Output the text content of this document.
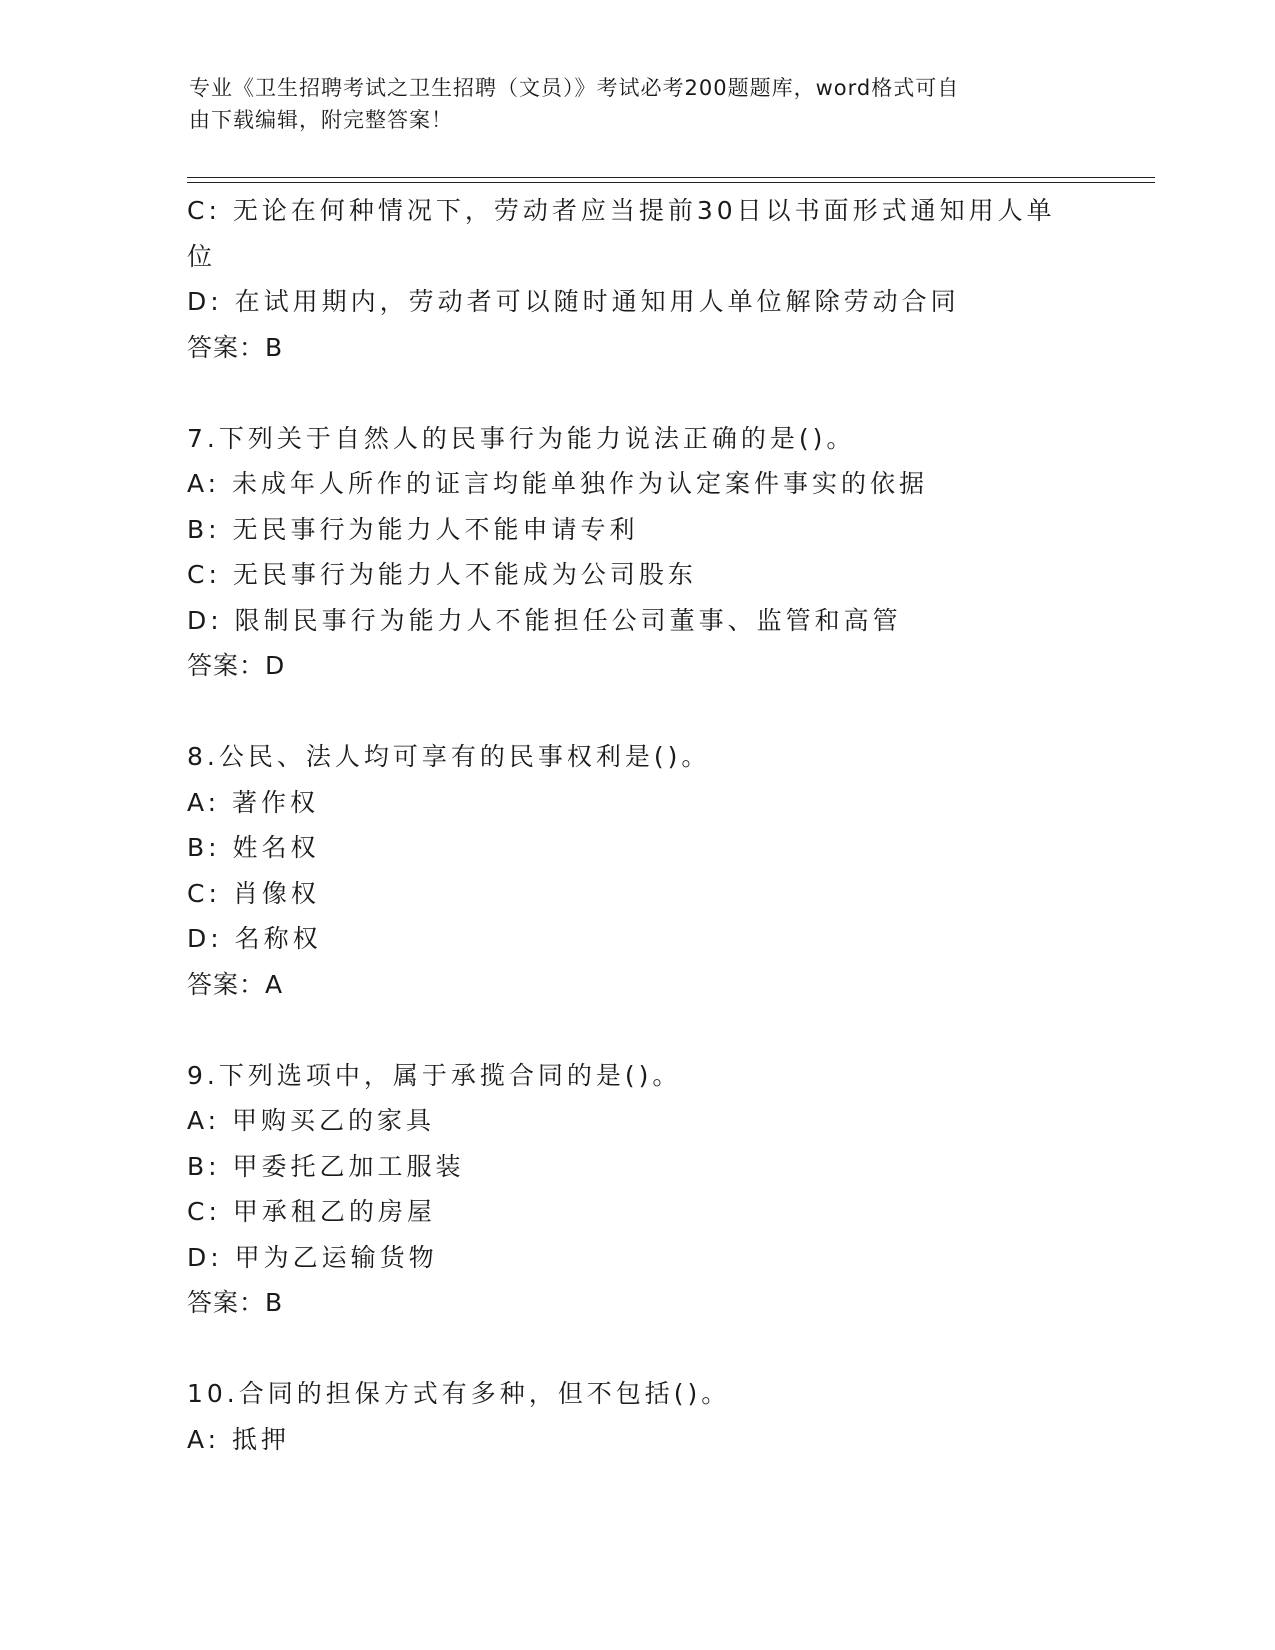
专业《卫生招聘考试之卫生招聘（文员）》考试必考200题题库，word格式可自
由下载编辑，附完整答案！
C: 无论在何种情况下，劳动者应当提前30日以书面形式通知用人单
位
D: 在试用期内，劳动者可以随时通知用人单位解除劳动合同
答案：B
7.下列关于自然人的民事行为能力说法正确的是()。
A: 未成年人所作的证言均能单独作为认定案件事实的依据
B: 无民事行为能力人不能申请专利
C: 无民事行为能力人不能成为公司股东
D: 限制民事行为能力人不能担任公司董事、监管和高管
答案：D
8.公民、法人均可享有的民事权利是()。
A: 著作权
B: 姓名权
C: 肖像权
D: 名称权
答案：A
9.下列选项中，属于承揽合同的是()。
A: 甲购买乙的家具
B: 甲委托乙加工服装
C: 甲承租乙的房屋
D: 甲为乙运输货物
答案：B
10.合同的担保方式有多种，但不包括()。
A: 抵押
